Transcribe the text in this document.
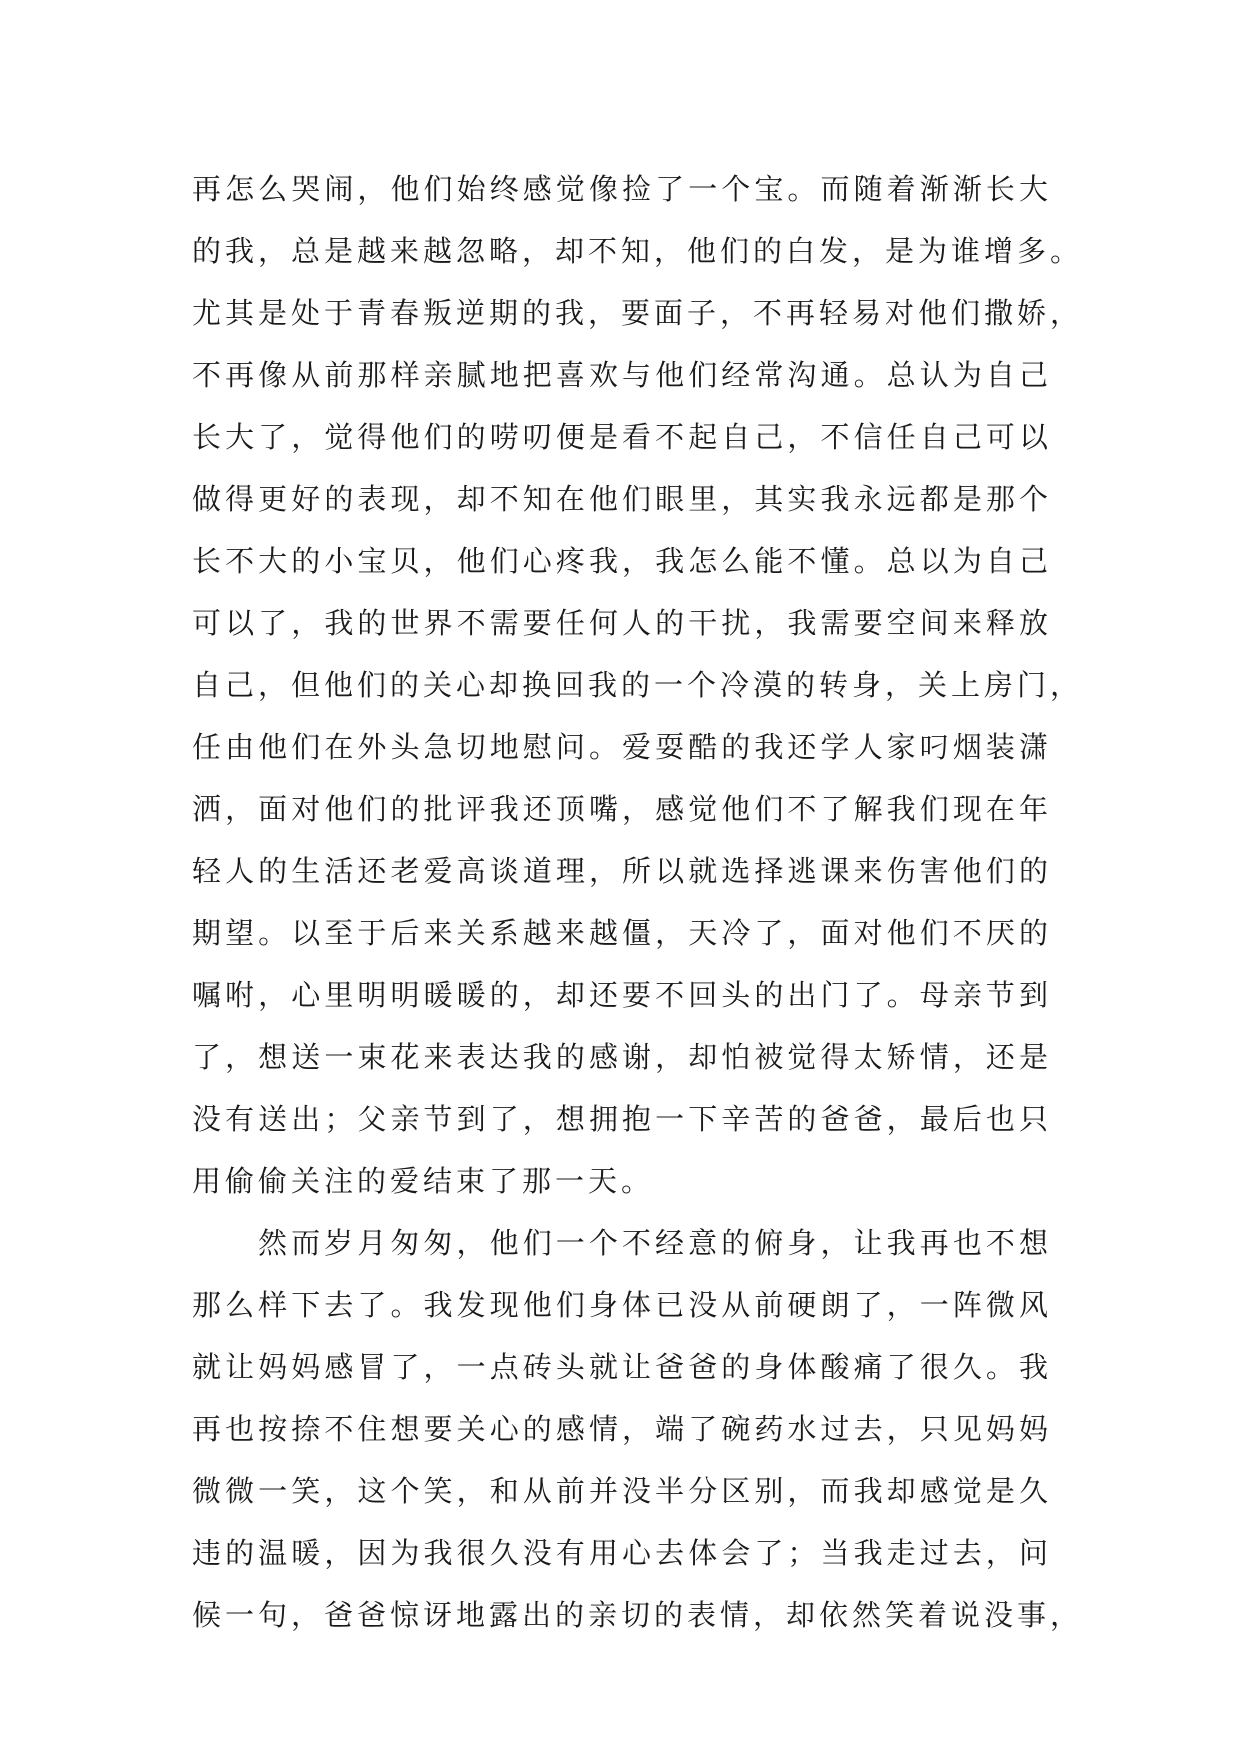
再怎么哭闹，他们始终感觉像捡了一个宝。而随着渐渐长大
的我，总是越来越忽略，却不知，他们的白发，是为谁增多。
尤其是处于青春叛逆期的我，要面子，不再轻易对他们撒娇，
不再像从前那样亲腻地把喜欢与他们经常沟通。总认为自己
长大了，觉得他们的唠叨便是看不起自己，不信任自己可以
做得更好的表现，却不知在他们眼里，其实我永远都是那个
长不大的小宝贝，他们心疼我，我怎么能不懂。总以为自己
可以了，我的世界不需要任何人的干扰，我需要空间来释放
自己，但他们的关心却换回我的一个冷漠的转身，关上房门，
任由他们在外头急切地慰问。爱耍酷的我还学人家叼烟装潇
洒，面对他们的批评我还顶嘴，感觉他们不了解我们现在年
轻人的生活还老爱高谈道理，所以就选择逃课来伤害他们的
期望。以至于后来关系越来越僵，天冷了，面对他们不厌的
嘱咐，心里明明暖暖的，却还要不回头的出门了。母亲节到
了，想送一束花来表达我的感谢，却怕被觉得太矫情，还是
没有送出；父亲节到了，想拥抱一下辛苦的爸爸，最后也只
用偷偷关注的爱结束了那一天。
然而岁月匆匆，他们一个不经意的俯身，让我再也不想
那么样下去了。我发现他们身体已没从前硬朗了，一阵微风
就让妈妈感冒了，一点砖头就让爸爸的身体酸痛了很久。我
再也按捺不住想要关心的感情，端了碗药水过去，只见妈妈
微微一笑，这个笑，和从前并没半分区别，而我却感觉是久
违的温暖，因为我很久没有用心去体会了；当我走过去，问
候一句，爸爸惊讶地露出的亲切的表情，却依然笑着说没事，
